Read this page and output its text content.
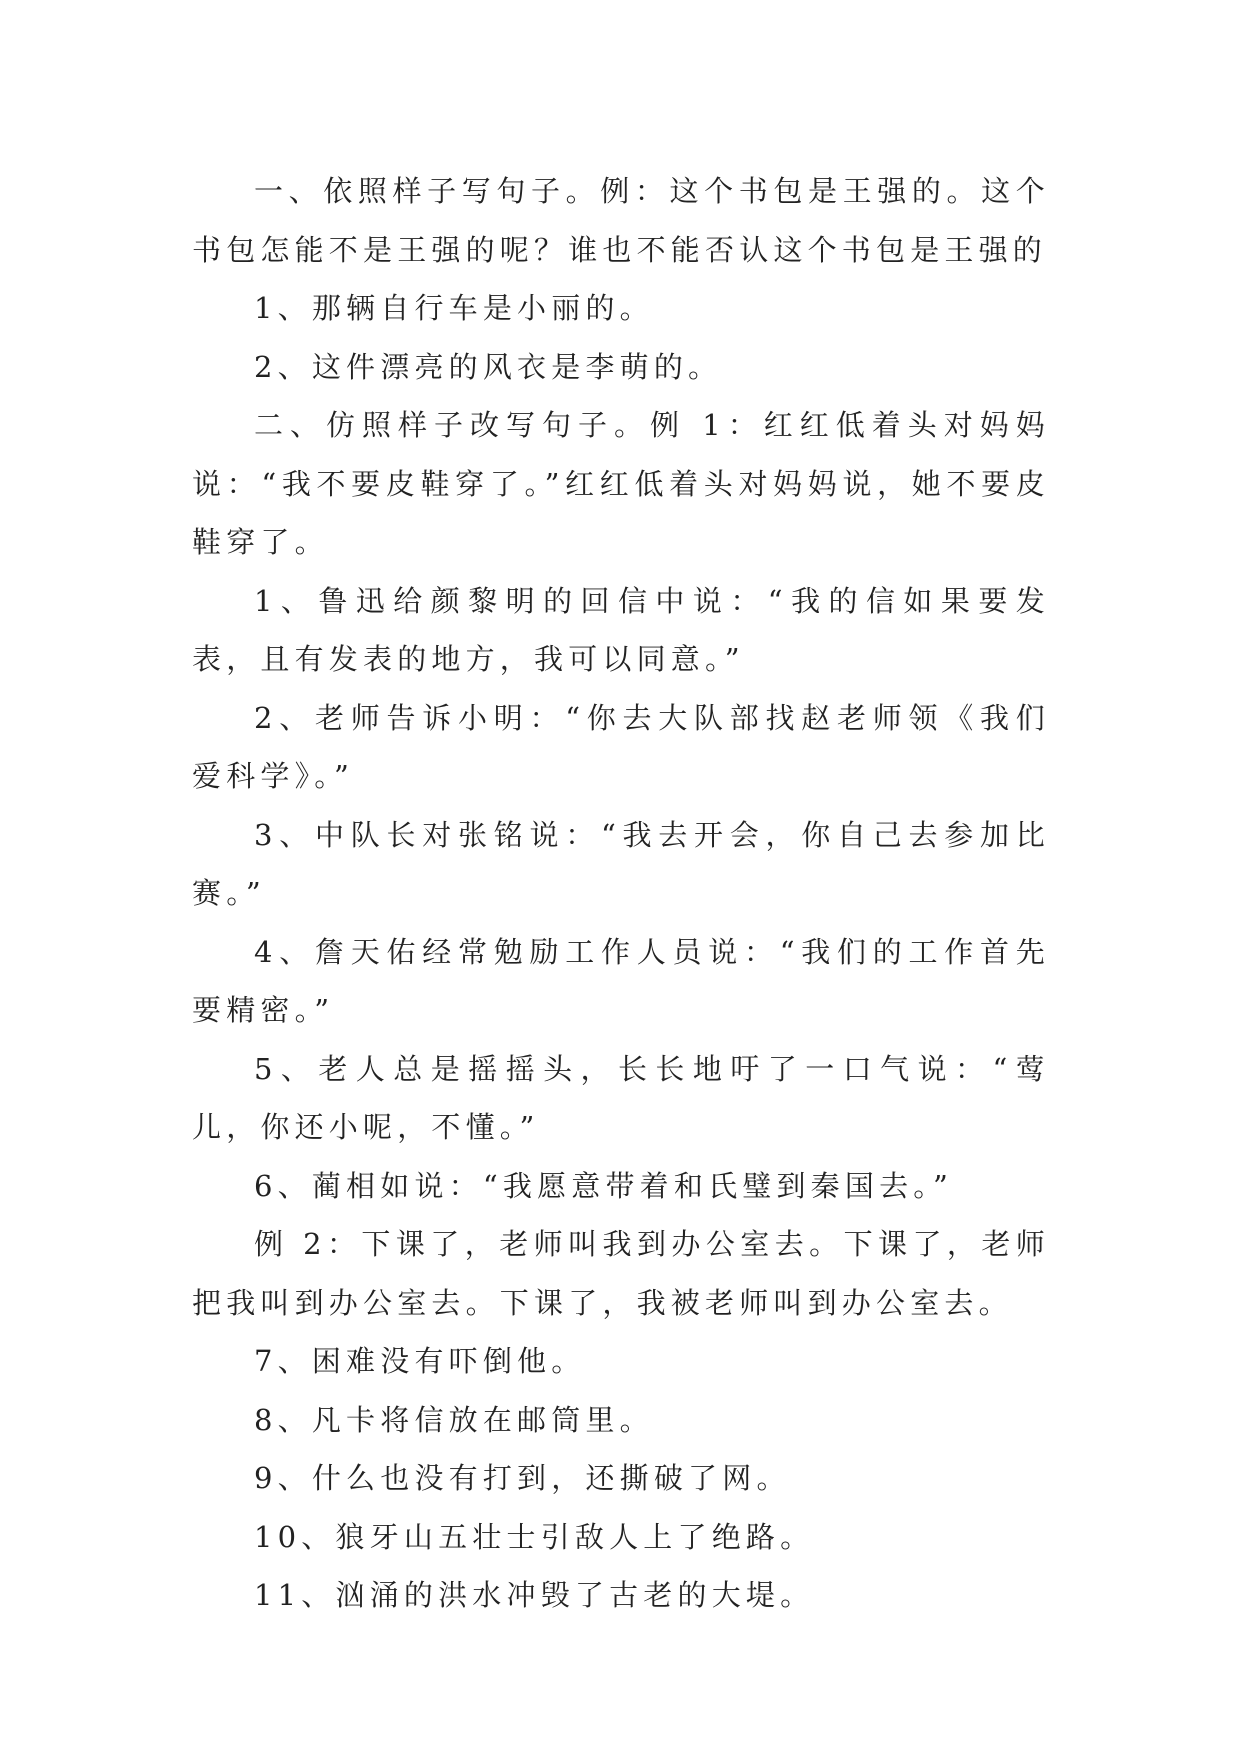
一、依照样子写句子。例：这个书包是王强的。这个书包怎能不是王强的呢？谁也不能否认这个书包是王强的

1、那辆自行车是小丽的。

2、这件漂亮的风衣是李萌的。

二、仿照样子改写句子。例 1：红红低着头对妈妈说：“我不要皮鞋穿了。”红红低着头对妈妈说，她不要皮鞋穿了。

1、鲁迅给颜黎明的回信中说：“我的信如果要发表，且有发表的地方，我可以同意。”

2、老师告诉小明：“你去大队部找赵老师领《我们爱科学》。”

3、中队长对张铭说：“我去开会，你自己去参加比赛。”

4、詹天佑经常勉励工作人员说：“我们的工作首先要精密。”

5、老人总是摇摇头，长长地吁了一口气说：“莺儿，你还小呢，不懂。”

6、蔺相如说：“我愿意带着和氏璧到秦国去。”

例 2：下课了，老师叫我到办公室去。下课了，老师把我叫到办公室去。下课了，我被老师叫到办公室去。

7、困难没有吓倒他。

8、凡卡将信放在邮筒里。

9、什么也没有打到，还撕破了网。

10、狼牙山五壮士引敌人上了绝路。

11、汹涌的洪水冲毁了古老的大堤。
